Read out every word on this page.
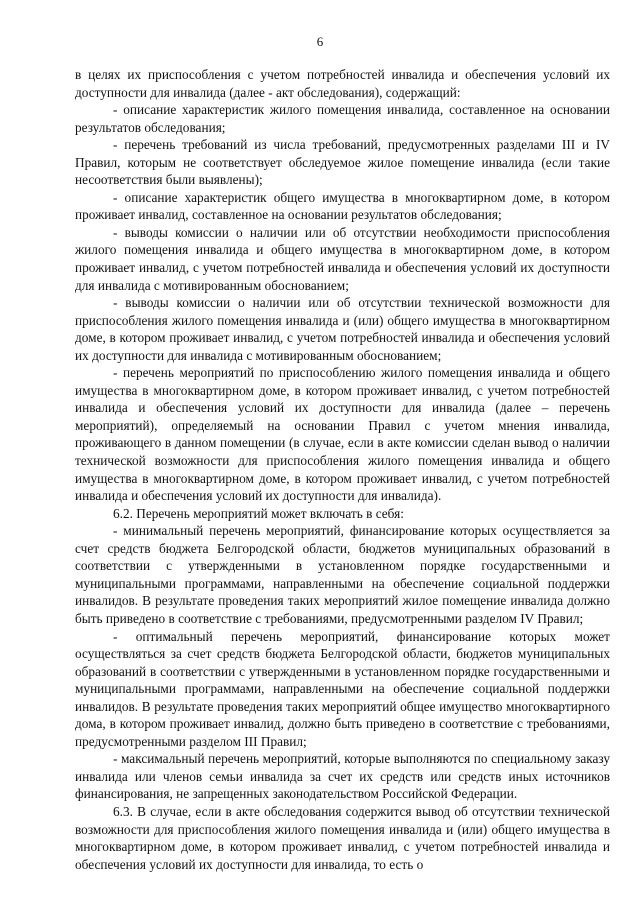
6

в целях их приспособления с учетом потребностей инвалида и обеспечения условий их доступности для инвалида (далее - акт обследования), содержащий:

- описание характеристик жилого помещения инвалида, составленное на основании результатов обследования;

- перечень требований из числа требований, предусмотренных разделами III и IV Правил, которым не соответствует обследуемое жилое помещение инвалида (если такие несоответствия были выявлены);

- описание характеристик общего имущества в многоквартирном доме, в котором проживает инвалид, составленное на основании результатов обследования;

- выводы комиссии о наличии или об отсутствии необходимости приспособления жилого помещения инвалида и общего имущества в многоквартирном доме, в котором проживает инвалид, с учетом потребностей инвалида и обеспечения условий их доступности для инвалида с мотивированным обоснованием;

- выводы комиссии о наличии или об отсутствии технической возможности для приспособления жилого помещения инвалида и (или) общего имущества в многоквартирном доме, в котором проживает инвалид, с учетом потребностей инвалида и обеспечения условий их доступности для инвалида с мотивированным обоснованием;

- перечень мероприятий по приспособлению жилого помещения инвалида и общего имущества в многоквартирном доме, в котором проживает инвалид, с учетом потребностей инвалида и обеспечения условий их доступности для инвалида (далее – перечень мероприятий), определяемый на основании Правил с учетом мнения инвалида, проживающего в данном помещении (в случае, если в акте комиссии сделан вывод о наличии технической возможности для приспособления жилого помещения инвалида и общего имущества в многоквартирном доме, в котором проживает инвалид, с учетом потребностей инвалида и обеспечения условий их доступности для инвалида).

6.2. Перечень мероприятий может включать в себя:

- минимальный перечень мероприятий, финансирование которых осуществляется за счет средств бюджета Белгородской области, бюджетов муниципальных образований в соответствии с утвержденными в установленном порядке государственными и муниципальными программами, направленными на обеспечение социальной поддержки инвалидов. В результате проведения таких мероприятий жилое помещение инвалида должно быть приведено в соответствие с требованиями, предусмотренными разделом IV Правил;

- оптимальный перечень мероприятий, финансирование которых может осуществляться за счет средств бюджета Белгородской области, бюджетов муниципальных образований в соответствии с утвержденными в установленном порядке государственными и муниципальными программами, направленными на обеспечение социальной поддержки инвалидов. В результате проведения таких мероприятий общее имущество многоквартирного дома, в котором проживает инвалид, должно быть приведено в соответствие с требованиями, предусмотренными разделом III Правил;

- максимальный перечень мероприятий, которые выполняются по специальному заказу инвалида или членов семьи инвалида за счет их средств или средств иных источников финансирования, не запрещенных законодательством Российской Федерации.

6.3. В случае, если в акте обследования содержится вывод об отсутствии технической возможности для приспособления жилого помещения инвалида и (или) общего имущества в многоквартирном доме, в котором проживает инвалид, с учетом потребностей инвалида и обеспечения условий их доступности для инвалида, то есть о
